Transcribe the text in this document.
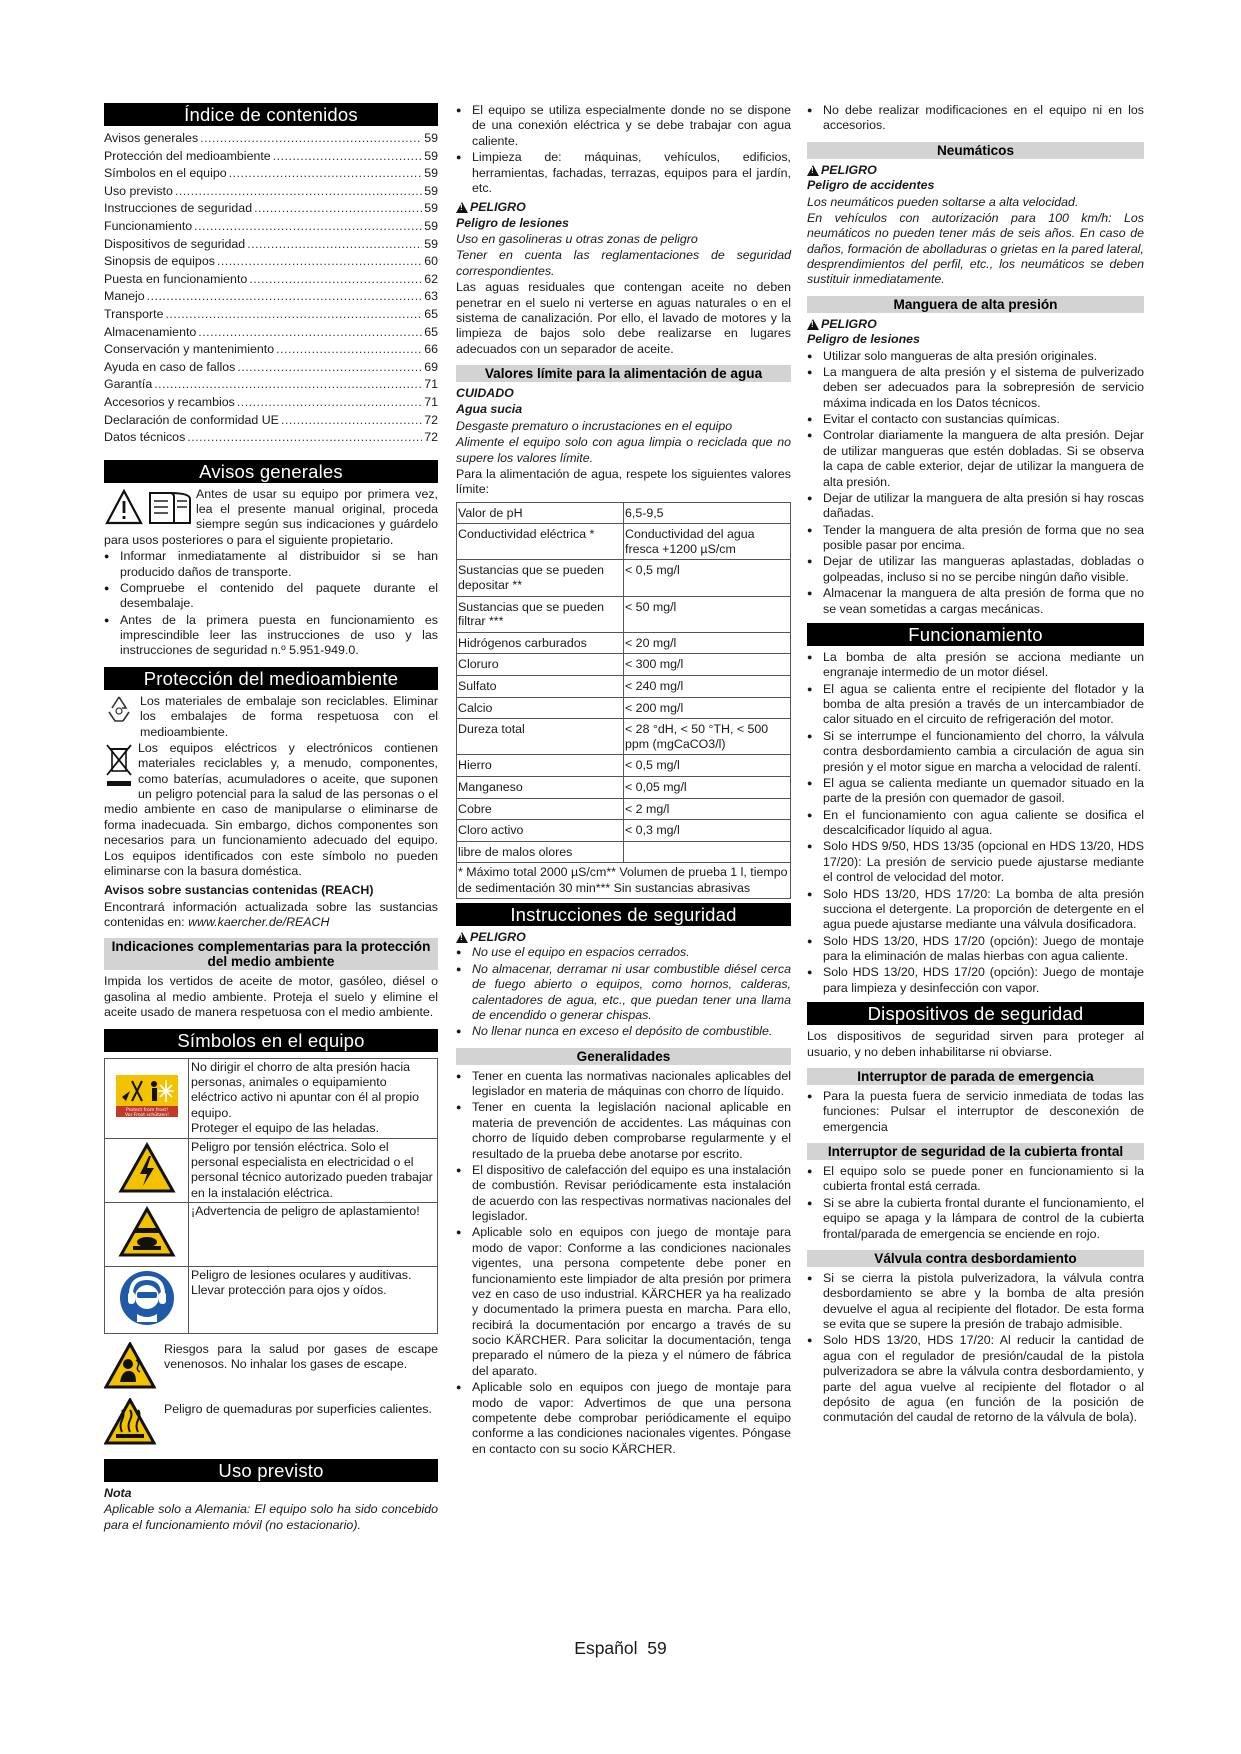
Índice de contenidos
Avisos generales .....	59
Protección del medioambiente .....	59
Símbolos en el equipo .....	59
Uso previsto .....	59
Instrucciones de seguridad .....	59
Funcionamiento .....	59
Dispositivos de seguridad .....	59
Sinopsis de equipos .....	60
Puesta en funcionamiento .....	62
Manejo .....	63
Transporte .....	65
Almacenamiento .....	65
Conservación y mantenimiento .....	66
Ayuda en caso de fallos .....	69
Garantía .....	71
Accesorios y recambios .....	71
Declaración de conformidad UE .....	72
Datos técnicos .....	72
Avisos generales

Antes de usar su equipo por primera vez, lea el presente manual original, proceda siempre según sus indicaciones y guárdelo para usos posteriores o para el siguiente propietario.

● Informar inmediatamente al distribuidor si se han producido daños de transporte.
● Compruebe el contenido del paquete durante el desembalaje.
● Antes de la primera puesta en funcionamiento es imprescindible leer las instrucciones de uso y las instrucciones de seguridad n.º 5.951-949.0.
Protección del medioambiente

Los materiales de embalaje son reciclables. Eliminar los embalajes de forma respetuosa con el medioambiente.

Los equipos eléctricos y electrónicos contienen materiales reciclables y, a menudo, componentes, como baterías, acumuladores o aceite, que suponen un peligro potencial para la salud de las personas o el medio ambiente en caso de manipularse o eliminarse de forma inadecuada. Sin embargo, dichos componentes son necesarios para un funcionamiento adecuado del equipo. Los equipos identificados con este símbolo no pueden eliminarse con la basura doméstica.

Avisos sobre sustancias contenidas (REACH)

Encontrará información actualizada sobre las sustancias contenidas en: www.kaercher.de/REACH

Indicaciones complementarias para la protección del medio ambiente

Impida los vertidos de aceite de motor, gasóleo, diésel o gasolina al medio ambiente. Proteja el suelo y elimine el aceite usado de manera respetuosa con el medio ambiente.

Símbolos en el equipo
Protect from frost!
Vor Frost schützen!	No dirigir el chorro de alta presión hacia personas, animales o equipamiento eléctrico activo ni apuntar con él al propio equipo.
Proteger el equipo de las heladas.
	Peligro por tensión eléctrica. Solo el personal especialista en electricidad o el personal técnico autorizado pueden trabajar en la instalación eléctrica.
	¡Advertencia de peligro de aplastamiento!
	Peligro de lesiones oculares y auditivas. Llevar protección para ojos y oídos.

Riesgos para la salud por gases de escape venenosos. No inhalar los gases de escape.

Peligro de quemaduras por superficies calientes.

Uso previsto

Nota

Aplicable solo a Alemania: El equipo solo ha sido concebido para el funcionamiento móvil (no estacionario).

● El equipo se utiliza especialmente donde no se dispone de una conexión eléctrica y se debe trabajar con agua caliente.
● Limpieza de: máquinas, vehículos, edificios, herramientas, fachadas, terrazas, equipos para el jardín, etc.
!
PELIGRO

Peligro de lesiones

Uso en gasolineras u otras zonas de peligro

Tener en cuenta las reglamentaciones de seguridad correspondientes.

Las aguas residuales que contengan aceite no deben penetrar en el suelo ni verterse en aguas naturales o en el sistema de canalización. Por ello, el lavado de motores y la limpieza de bajos solo debe realizarse en lugares adecuados con un separador de aceite.

Valores límite para la alimentación de agua

CUIDADO

Agua sucia

Desgaste prematuro o incrustaciones en el equipo

Alimente el equipo solo con agua limpia o reciclada que no supere los valores límite.

Para la alimentación de agua, respete los siguientes valores límite:

Valor de pH	6,5-9,5
Conductividad eléctrica *	Conductividad del agua fresca +1200 µS/cm
Sustancias que se pueden depositar **	< 0,5 mg/l
Sustancias que se pueden filtrar ***	< 50 mg/l
Hidrógenos carburados	< 20 mg/l
Cloruro	< 300 mg/l
Sulfato	< 240 mg/l
Calcio	< 200 mg/l
Dureza total	< 28 °dH, < 50 °TH, < 500 ppm (mgCaCO3/l)
Hierro	< 0,5 mg/l
Manganeso	< 0,05 mg/l
Cobre	< 2 mg/l
Cloro activo	< 0,3 mg/l
libre de malos olores	
* Máximo total 2000 µS/cm** Volumen de prueba 1 l, tiempo de sedimentación 30 min*** Sin sustancias abrasivas
Instrucciones de seguridad
!
PELIGRO
● No use el equipo en espacios cerrados.
● No almacenar, derramar ni usar combustible diésel cerca de fuego abierto o equipos, como hornos, calderas, calentadores de agua, etc., que puedan tener una llama de encendido o generar chispas.
● No llenar nunca en exceso el depósito de combustible.
Generalidades
● Tener en cuenta las normativas nacionales aplicables del legislador en materia de máquinas con chorro de líquido.
● Tener en cuenta la legislación nacional aplicable en materia de prevención de accidentes. Las máquinas con chorro de líquido deben comprobarse regularmente y el resultado de la prueba debe anotarse por escrito.
● El dispositivo de calefacción del equipo es una instalación de combustión. Revisar periódicamente esta instalación de acuerdo con las respectivas normativas nacionales del legislador.
● Aplicable solo en equipos con juego de montaje para modo de vapor: Conforme a las condiciones nacionales vigentes, una persona competente debe poner en funcionamiento este limpiador de alta presión por primera vez en caso de uso industrial. KÄRCHER ya ha realizado y documentado la primera puesta en marcha. Para ello, recibirá la documentación por encargo a través de su socio KÄRCHER. Para solicitar la documentación, tenga preparado el número de la pieza y el número de fábrica del aparato.
● Aplicable solo en equipos con juego de montaje para modo de vapor: Advertimos de que una persona competente debe comprobar periódicamente el equipo conforme a las condiciones nacionales vigentes. Póngase en contacto con su socio KÄRCHER.
● No debe realizar modificaciones en el equipo ni en los accesorios.
Neumáticos
!
PELIGRO

Peligro de accidentes

Los neumáticos pueden soltarse a alta velocidad.

En vehículos con autorización para 100 km/h: Los neumáticos no pueden tener más de seis años. En caso de daños, formación de abolladuras o grietas en la pared lateral, desprendimientos del perfil, etc., los neumáticos se deben sustituir inmediatamente.

Manguera de alta presión
!
PELIGRO

Peligro de lesiones

● Utilizar solo mangueras de alta presión originales.
● La manguera de alta presión y el sistema de pulverizado deben ser adecuados para la sobrepresión de servicio máxima indicada en los Datos técnicos.
● Evitar el contacto con sustancias químicas.
● Controlar diariamente la manguera de alta presión. Dejar de utilizar mangueras que estén dobladas. Si se observa la capa de cable exterior, dejar de utilizar la manguera de alta presión.
● Dejar de utilizar la manguera de alta presión si hay roscas dañadas.
● Tender la manguera de alta presión de forma que no sea posible pasar por encima.
● Dejar de utilizar las mangueras aplastadas, dobladas o golpeadas, incluso si no se percibe ningún daño visible.
● Almacenar la manguera de alta presión de forma que no se vean sometidas a cargas mecánicas.
Funcionamiento
● La bomba de alta presión se acciona mediante un engranaje intermedio de un motor diésel.
● El agua se calienta entre el recipiente del flotador y la bomba de alta presión a través de un intercambiador de calor situado en el circuito de refrigeración del motor.
● Si se interrumpe el funcionamiento del chorro, la válvula contra desbordamiento cambia a circulación de agua sin presión y el motor sigue en marcha a velocidad de ralentí.
● El agua se calienta mediante un quemador situado en la parte de la presión con quemador de gasoil.
● En el funcionamiento con agua caliente se dosifica el descalcificador líquido al agua.
● Solo HDS 9/50, HDS 13/35 (opcional en HDS 13/20, HDS 17/20): La presión de servicio puede ajustarse mediante el control de velocidad del motor.
● Solo HDS 13/20, HDS 17/20: La bomba de alta presión succiona el detergente. La proporción de detergente en el agua puede ajustarse mediante una válvula dosificadora.
● Solo HDS 13/20, HDS 17/20 (opción): Juego de montaje para la eliminación de malas hierbas con agua caliente.
● Solo HDS 13/20, HDS 17/20 (opción): Juego de montaje para limpieza y desinfección con vapor.
Dispositivos de seguridad

Los dispositivos de seguridad sirven para proteger al usuario, y no deben inhabilitarse ni obviarse.

Interruptor de parada de emergencia
● Para la puesta fuera de servicio inmediata de todas las funciones: Pulsar el interruptor de desconexión de emergencia
Interruptor de seguridad de la cubierta frontal
● El equipo solo se puede poner en funcionamiento si la cubierta frontal está cerrada.
● Si se abre la cubierta frontal durante el funcionamiento, el equipo se apaga y la lámpara de control de la cubierta frontal/parada de emergencia se enciende en rojo.
Válvula contra desbordamiento
● Si se cierra la pistola pulverizadora, la válvula contra desbordamiento se abre y la bomba de alta presión devuelve el agua al recipiente del flotador. De esta forma se evita que se supere la presión de trabajo admisible.
● Solo HDS 13/20, HDS 17/20: Al reducir la cantidad de agua con el regulador de presión/caudal de la pistola pulverizadora se abre la válvula contra desbordamiento, y parte del agua vuelve al recipiente del flotador o al depósito de agua (en función de la posición de conmutación del caudal de retorno de la válvula de bola).
Español 59
